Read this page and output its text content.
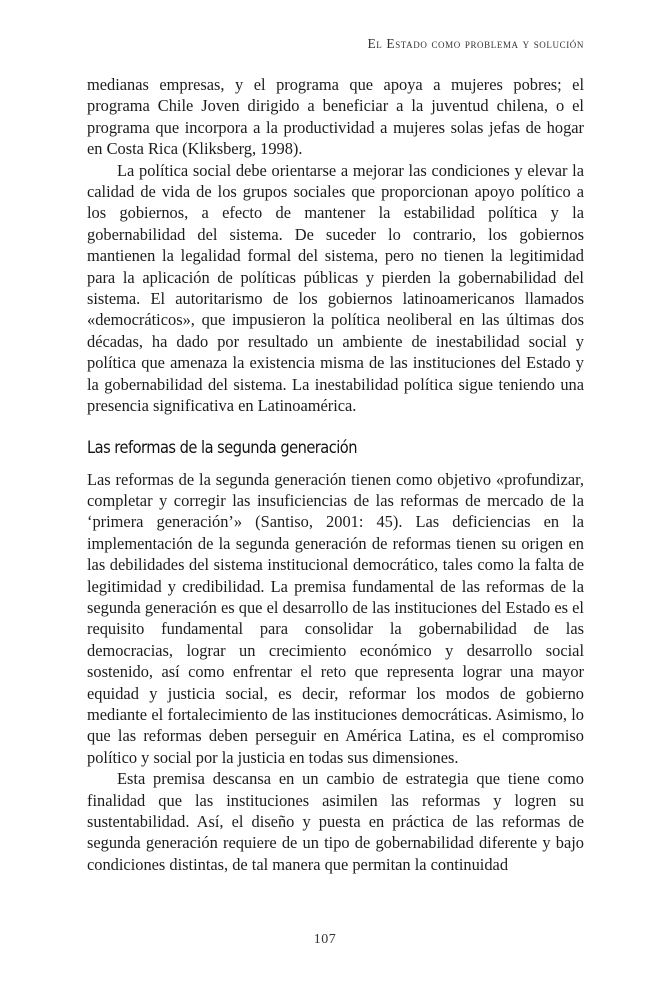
El Estado como problema y solución

medianas empresas, y el programa que apoya a mujeres pobres; el programa Chile Joven dirigido a beneficiar a la juventud chilena, o el programa que incorpora a la productividad a mujeres solas jefas de hogar en Costa Rica (Kliksberg, 1998).

La política social debe orientarse a mejorar las condiciones y elevar la calidad de vida de los grupos sociales que proporcionan apoyo político a los gobiernos, a efecto de mantener la estabilidad política y la gobernabilidad del sistema. De suceder lo contrario, los gobiernos mantienen la legalidad formal del sistema, pero no tienen la legitimidad para la aplicación de políticas públicas y pierden la gobernabilidad del sistema. El autoritarismo de los gobiernos latinoamericanos llamados «democráticos», que impusieron la política neoliberal en las últimas dos décadas, ha dado por resultado un ambiente de inestabilidad social y política que amenaza la existencia misma de las instituciones del Estado y la gobernabilidad del sistema. La inestabilidad política sigue teniendo una presencia significativa en Latinoamérica.

Las reformas de la segunda generación

Las reformas de la segunda generación tienen como objetivo «profundizar, completar y corregir las insuficiencias de las reformas de mercado de la ‘primera generación’» (Santiso, 2001: 45). Las deficiencias en la implementación de la segunda generación de reformas tienen su origen en las debilidades del sistema institucional democrático, tales como la falta de legitimidad y credibilidad. La premisa fundamental de las reformas de la segunda generación es que el desarrollo de las instituciones del Estado es el requisito fundamental para consolidar la gobernabilidad de las democracias, lograr un crecimiento económico y desarrollo social sostenido, así como enfrentar el reto que representa lograr una mayor equidad y justicia social, es decir, reformar los modos de gobierno mediante el fortalecimiento de las instituciones democráticas. Asimismo, lo que las reformas deben perseguir en América Latina, es el compromiso político y social por la justicia en todas sus dimensiones.

Esta premisa descansa en un cambio de estrategia que tiene como finalidad que las instituciones asimilen las reformas y logren su sustentabilidad. Así, el diseño y puesta en práctica de las reformas de segunda generación requiere de un tipo de gobernabilidad diferente y bajo condiciones distintas, de tal manera que permitan la continuidad

107
